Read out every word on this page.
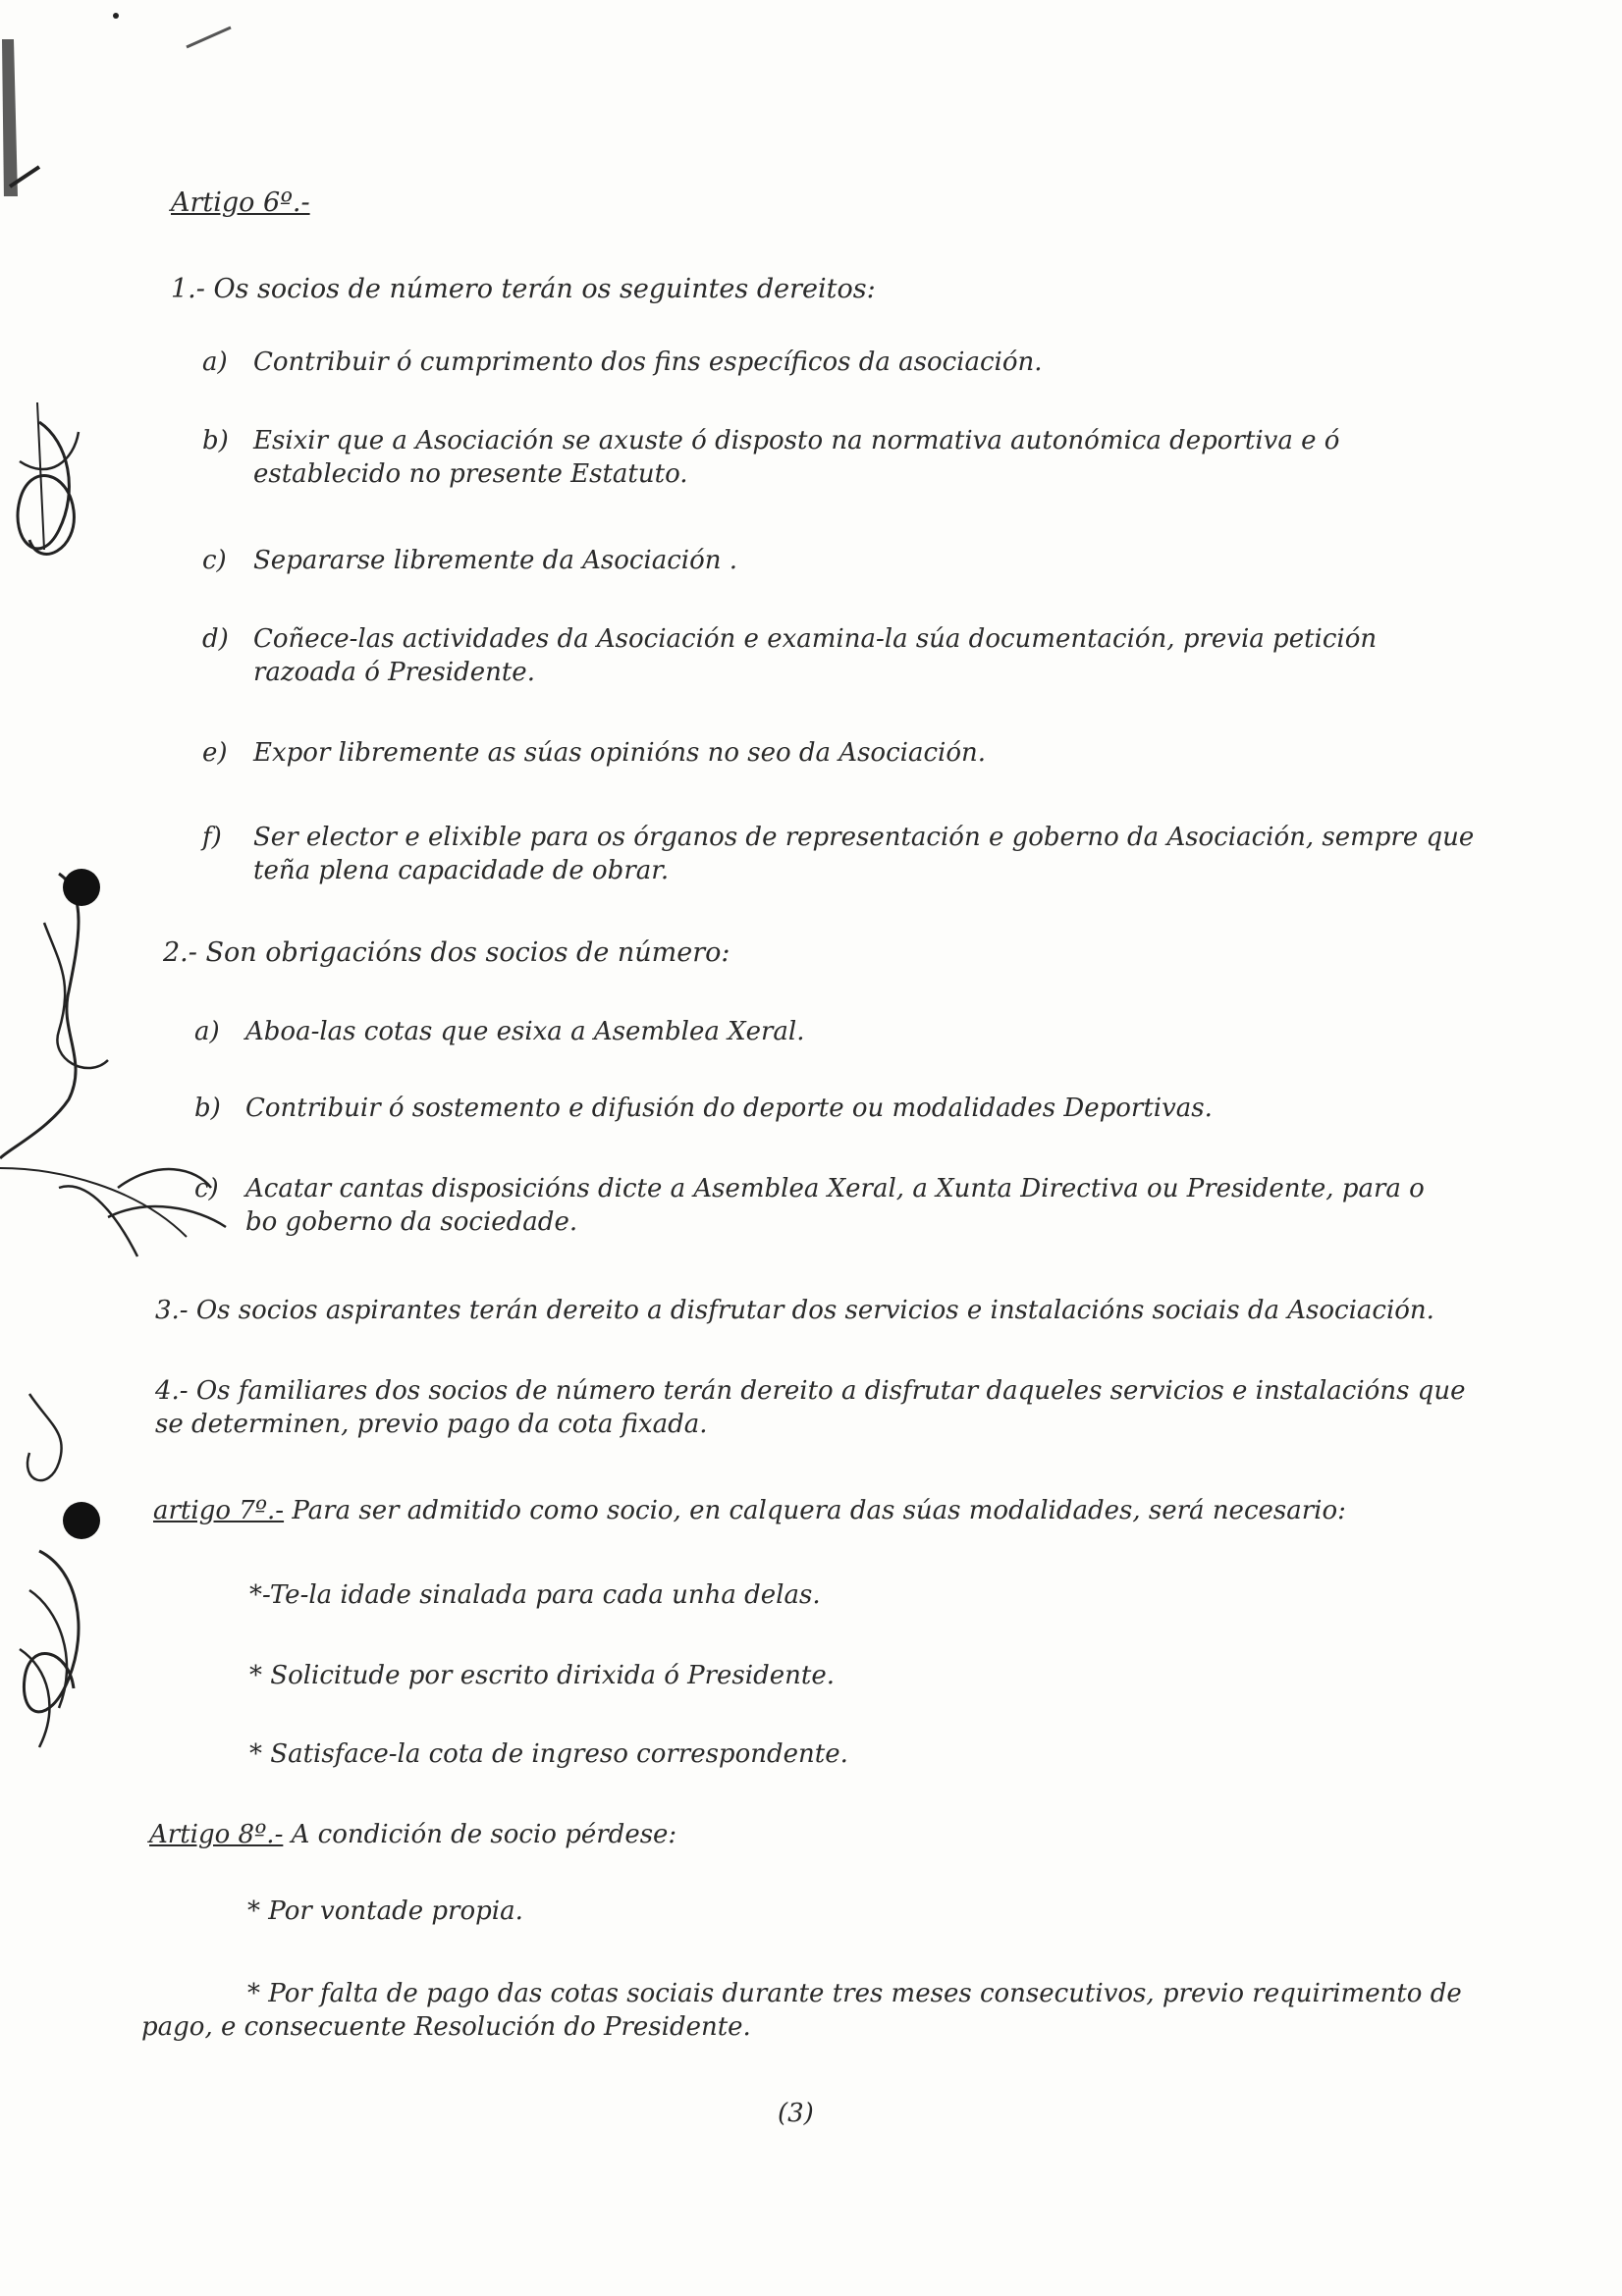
Artigo 6º.-
1.- Os socios de número terán os seguintes dereitos:
a) Contribuir ó cumprimento dos fins específicos da asociación.
b) Esixir que a Asociación se axuste ó disposto na normativa autonómica deportiva e ó
establecido no presente Estatuto.
c) Separarse libremente da Asociación .
d) Coñece-las actividades da Asociación e examina-la súa documentación, previa petición
razoada ó Presidente.
e) Expor libremente as súas opinións no seo da Asociación.
f) Ser elector e elixible para os órganos de representación e goberno da Asociación, sempre que
teña plena capacidade de obrar.
2.- Son obrigacións dos socios de número:
a) Aboa-las cotas que esixa a Asemblea Xeral.
b) Contribuir ó sostemento e difusión do deporte ou modalidades Deportivas.
c) Acatar cantas disposicións dicte a Asemblea Xeral, a Xunta Directiva ou Presidente, para o
bo goberno da sociedade.
3.- Os socios aspirantes terán dereito a disfrutar dos servicios e instalacións sociais da Asociación.
4.- Os familiares dos socios de número terán dereito a disfrutar daqueles servicios e instalacións que
se determinen, previo pago da cota fixada.
artigo 7º.- Para ser admitido como socio, en calquera das súas modalidades, será necesario:
*-Te-la idade sinalada para cada unha delas.
* Solicitude por escrito dirixida ó Presidente.
* Satisface-la cota de ingreso correspondente.
Artigo 8º.- A condición de socio pérdese:
* Por vontade propia.
* Por falta de pago das cotas sociais durante tres meses consecutivos, previo requirimento de
pago, e consecuente Resolución do Presidente.
(3)
